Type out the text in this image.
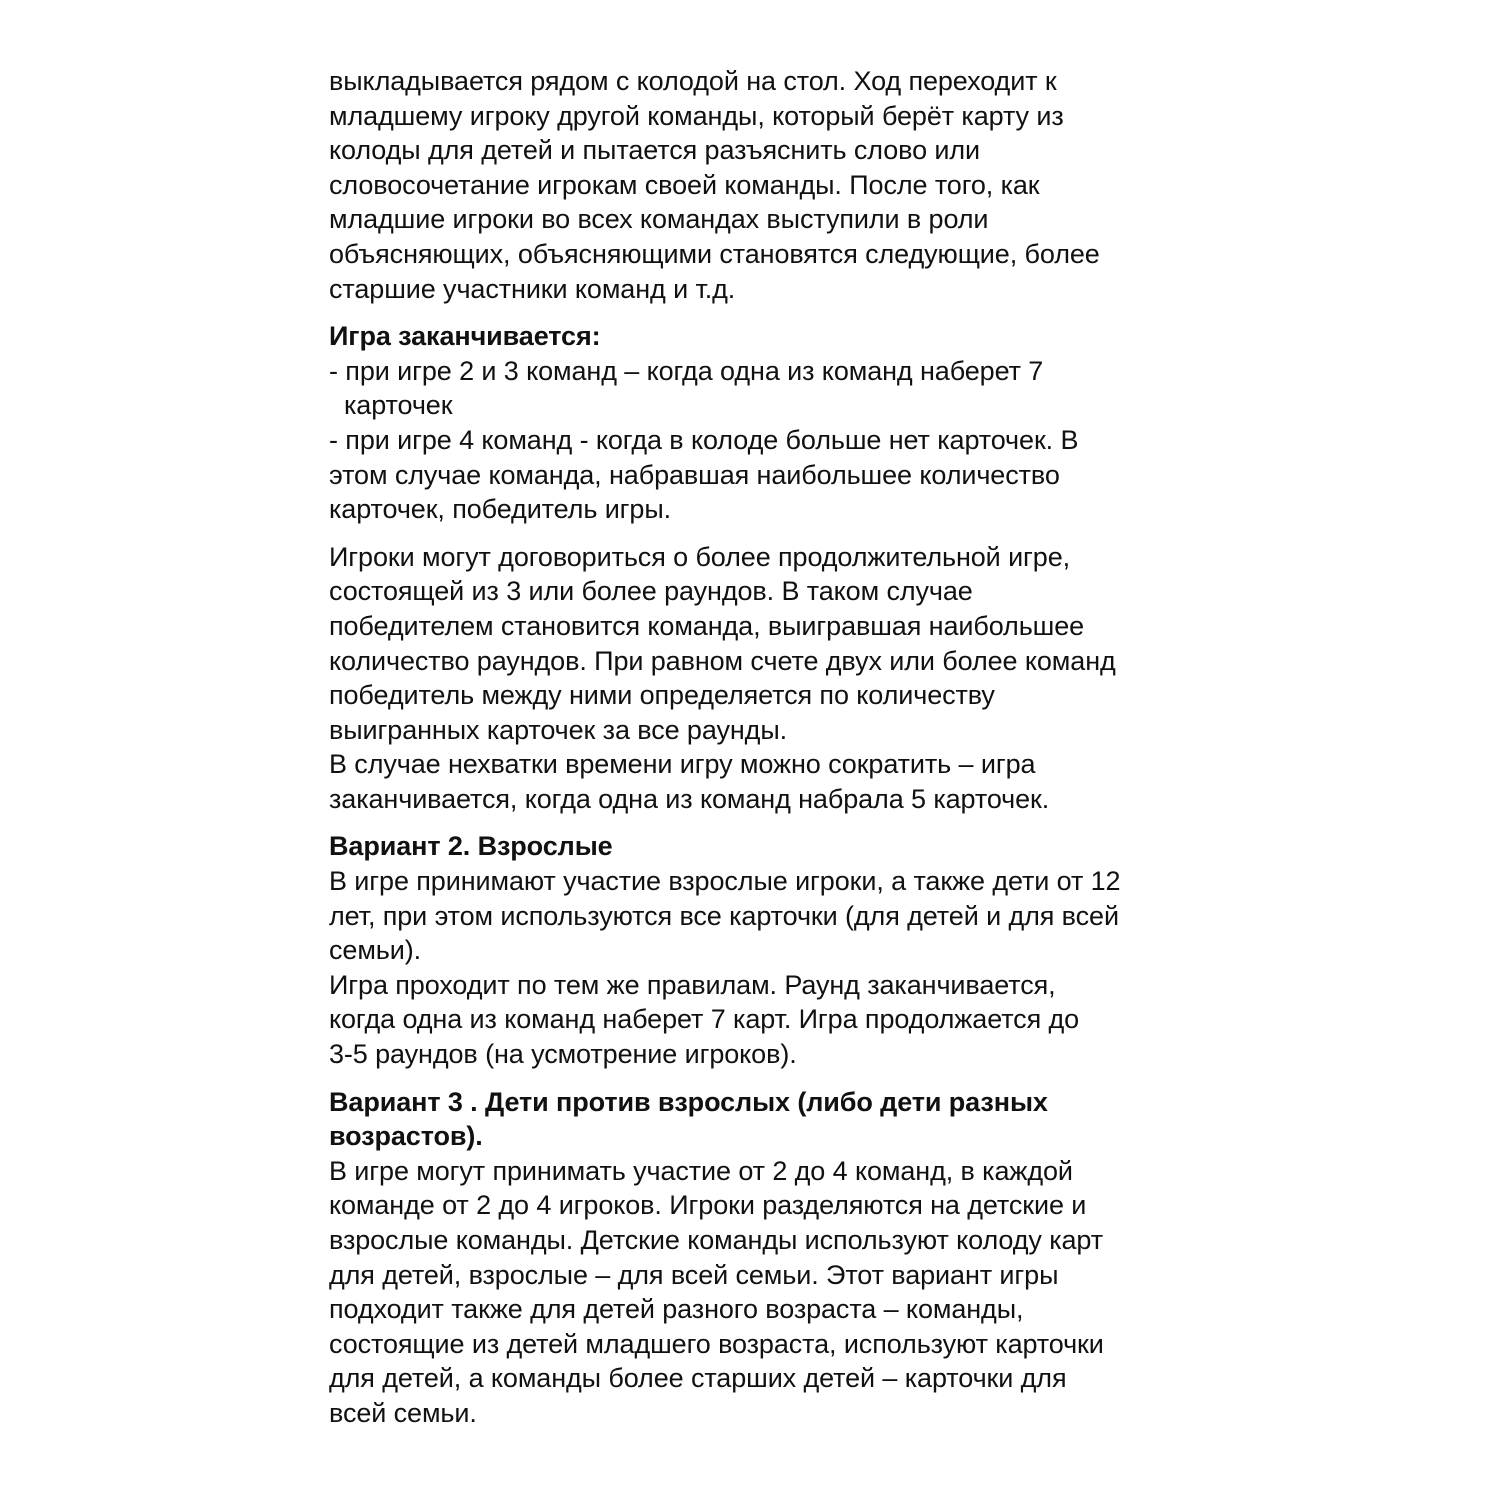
выкладывается рядом с колодой на стол. Ход переходит к
младшему игроку другой команды, который берёт карту из
колоды для детей и пытается разъяснить слово или
словосочетание игрокам своей команды. После того, как
младшие игроки во всех командах выступили в роли
объясняющих, объясняющими становятся следующие, более
старшие участники команд и т.д.
Игра заканчивается:
- при игре 2 и 3 команд – когда одна из команд наберет 7
карточек
- при игре 4 команд - когда в колоде больше нет карточек. В
этом случае команда, набравшая наибольшее количество
карточек, победитель игры.
Игроки могут договориться о более продолжительной игре,
состоящей из 3 или более раундов. В таком случае
победителем становится команда, выигравшая наибольшее
количество раундов. При равном счете двух или более команд
победитель между ними определяется по количеству
выигранных карточек за все раунды.
В случае нехватки времени игру можно сократить – игра
заканчивается, когда одна из команд набрала 5 карточек.
Вариант 2. Взрослые
В игре принимают участие взрослые игроки, а также дети от 12
лет, при этом используются все карточки (для детей и для всей
семьи).
Игра проходит по тем же правилам. Раунд заканчивается,
когда одна из команд наберет 7 карт. Игра продолжается до
3-5 раундов (на усмотрение игроков).
Вариант 3 . Дети против взрослых (либо дети разных
возрастов).
В игре могут принимать участие от 2 до 4 команд, в каждой
команде от 2 до 4 игроков. Игроки разделяются на детские и
взрослые команды. Детские команды используют колоду карт
для детей, взрослые – для всей семьи. Этот вариант игры
подходит также для детей разного возраста – команды,
состоящие из детей младшего возраста, используют карточки
для детей, а команды более старших детей – карточки для
всей семьи.
